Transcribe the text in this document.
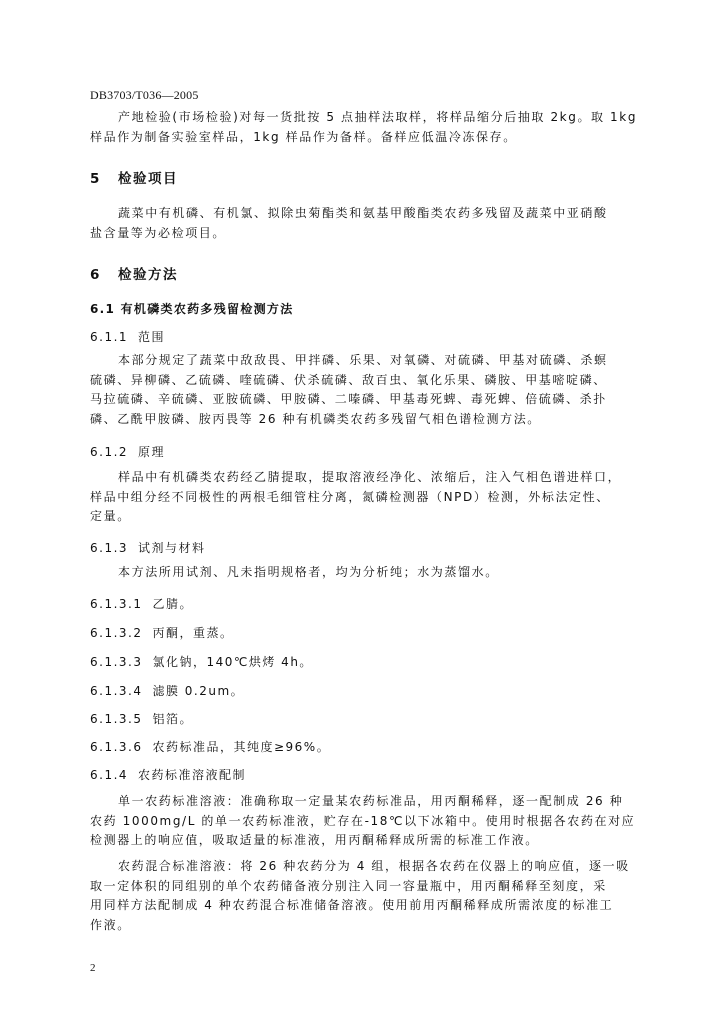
DB3703/T036—2005

产地检验(市场检验)对每一货批按 5 点抽样法取样，将样品缩分后抽取 2kg。取 1kg

样品作为制备实验室样品，1kg 样品作为备样。备样应低温冷冻保存。

5 检验项目

蔬菜中有机磷、有机氯、拟除虫菊酯类和氨基甲酸酯类农药多残留及蔬菜中亚硝酸

盐含量等为必检项目。

6 检验方法
6.1 有机磷类农药多残留检测方法
6.1.1 范围

本部分规定了蔬菜中敌敌畏、甲拌磷、乐果、对氧磷、对硫磷、甲基对硫磷、杀螟

硫磷、异柳磷、乙硫磷、喹硫磷、伏杀硫磷、敌百虫、氧化乐果、磷胺、甲基嘧啶磷、

马拉硫磷、辛硫磷、亚胺硫磷、甲胺磷、二嗪磷、甲基毒死蜱、毒死蜱、倍硫磷、杀扑

磷、乙酰甲胺磷、胺丙畏等 26 种有机磷类农药多残留气相色谱检测方法。

6.1.2 原理

样品中有机磷类农药经乙腈提取，提取溶液经净化、浓缩后，注入气相色谱进样口，

样品中组分经不同极性的两根毛细管柱分离，氮磷检测器（NPD）检测，外标法定性、

定量。

6.1.3 试剂与材料

本方法所用试剂、凡未指明规格者，均为分析纯；水为蒸馏水。

6.1.3.1 乙腈。
6.1.3.2 丙酮，重蒸。
6.1.3.3 氯化钠，140℃烘烤 4h。
6.1.3.4 滤膜 0.2um。
6.1.3.5 铝箔。
6.1.3.6 农药标准品，其纯度≥96%。
6.1.4 农药标准溶液配制

单一农药标准溶液：准确称取一定量某农药标准品，用丙酮稀释，逐一配制成 26 种

农药 1000mg/L 的单一农药标准液，贮存在-18℃以下冰箱中。使用时根据各农药在对应

检测器上的响应值，吸取适量的标准液，用丙酮稀释成所需的标准工作液。

农药混合标准溶液：将 26 种农药分为 4 组，根据各农药在仪器上的响应值，逐一吸

取一定体积的同组别的单个农药储备液分别注入同一容量瓶中，用丙酮稀释至刻度，采

用同样方法配制成 4 种农药混合标准储备溶液。使用前用丙酮稀释成所需浓度的标准工

作液。

2
